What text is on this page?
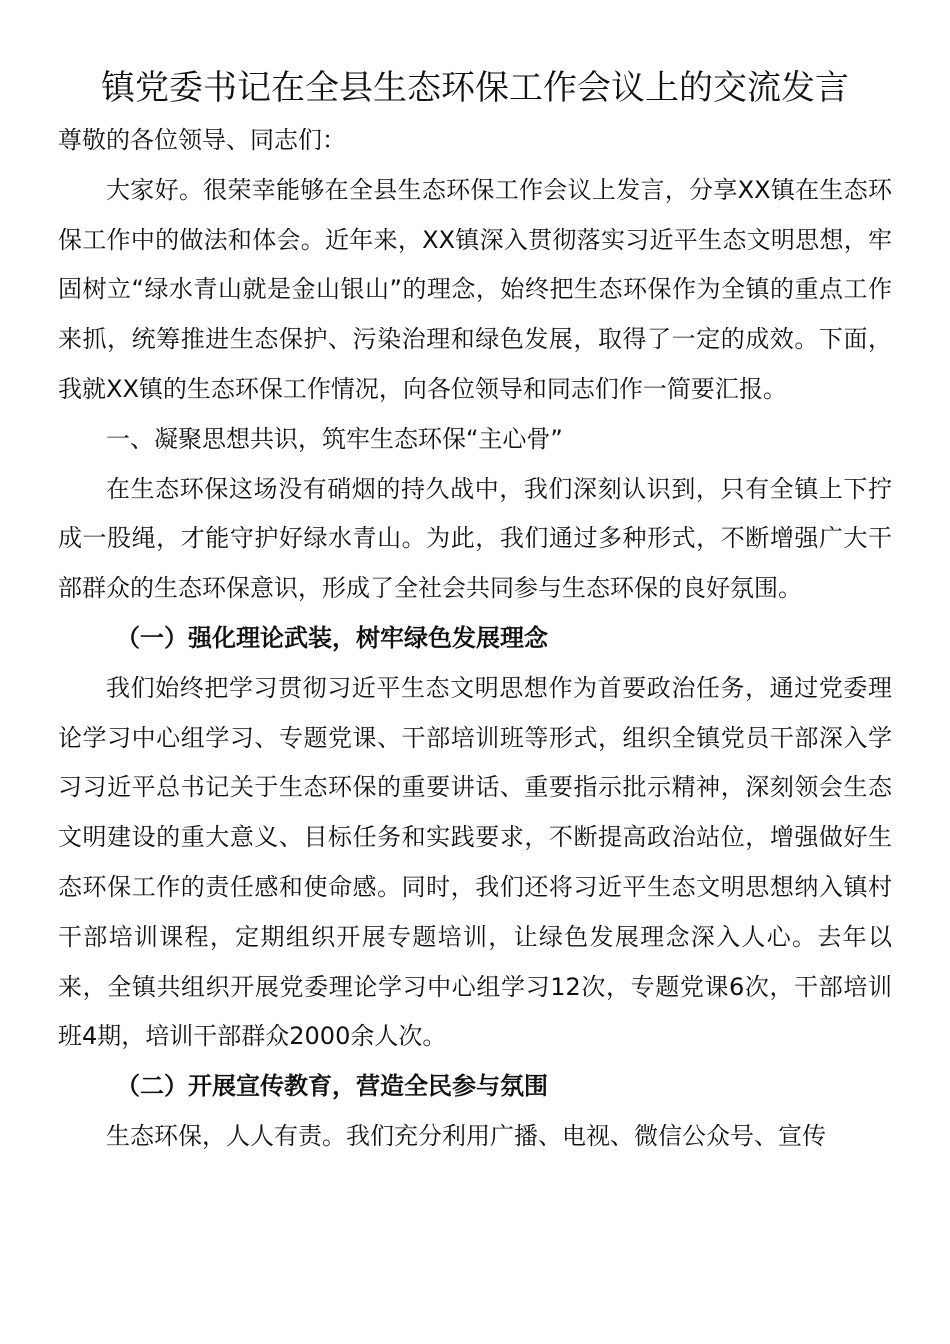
镇党委书记在全县生态环保工作会议上的交流发言

尊敬的各位领导、同志们：

大家好。很荣幸能够在全县生态环保工作会议上发言，分享XX镇在生态环保工作中的做法和体会。近年来，XX镇深入贯彻落实习近平生态文明思想，牢固树立“绿水青山就是金山银山”的理念，始终把生态环保作为全镇的重点工作来抓，统筹推进生态保护、污染治理和绿色发展，取得了一定的成效。下面，我就XX镇的生态环保工作情况，向各位领导和同志们作一简要汇报。

一、凝聚思想共识，筑牢生态环保“主心骨”

在生态环保这场没有硝烟的持久战中，我们深刻认识到，只有全镇上下拧成一股绳，才能守护好绿水青山。为此，我们通过多种形式，不断增强广大干部群众的生态环保意识，形成了全社会共同参与生态环保的良好氛围。

（一）强化理论武装，树牢绿色发展理念

我们始终把学习贯彻习近平生态文明思想作为首要政治任务，通过党委理论学习中心组学习、专题党课、干部培训班等形式，组织全镇党员干部深入学习习近平总书记关于生态环保的重要讲话、重要指示批示精神，深刻领会生态文明建设的重大意义、目标任务和实践要求，不断提高政治站位，增强做好生态环保工作的责任感和使命感。同时，我们还将习近平生态文明思想纳入镇村干部培训课程，定期组织开展专题培训，让绿色发展理念深入人心。去年以来，全镇共组织开展党委理论学习中心组学习12次，专题党课6次，干部培训班4期，培训干部群众2000余人次。

（二）开展宣传教育，营造全民参与氛围

生态环保，人人有责。我们充分利用广播、电视、微信公众号、宣传
